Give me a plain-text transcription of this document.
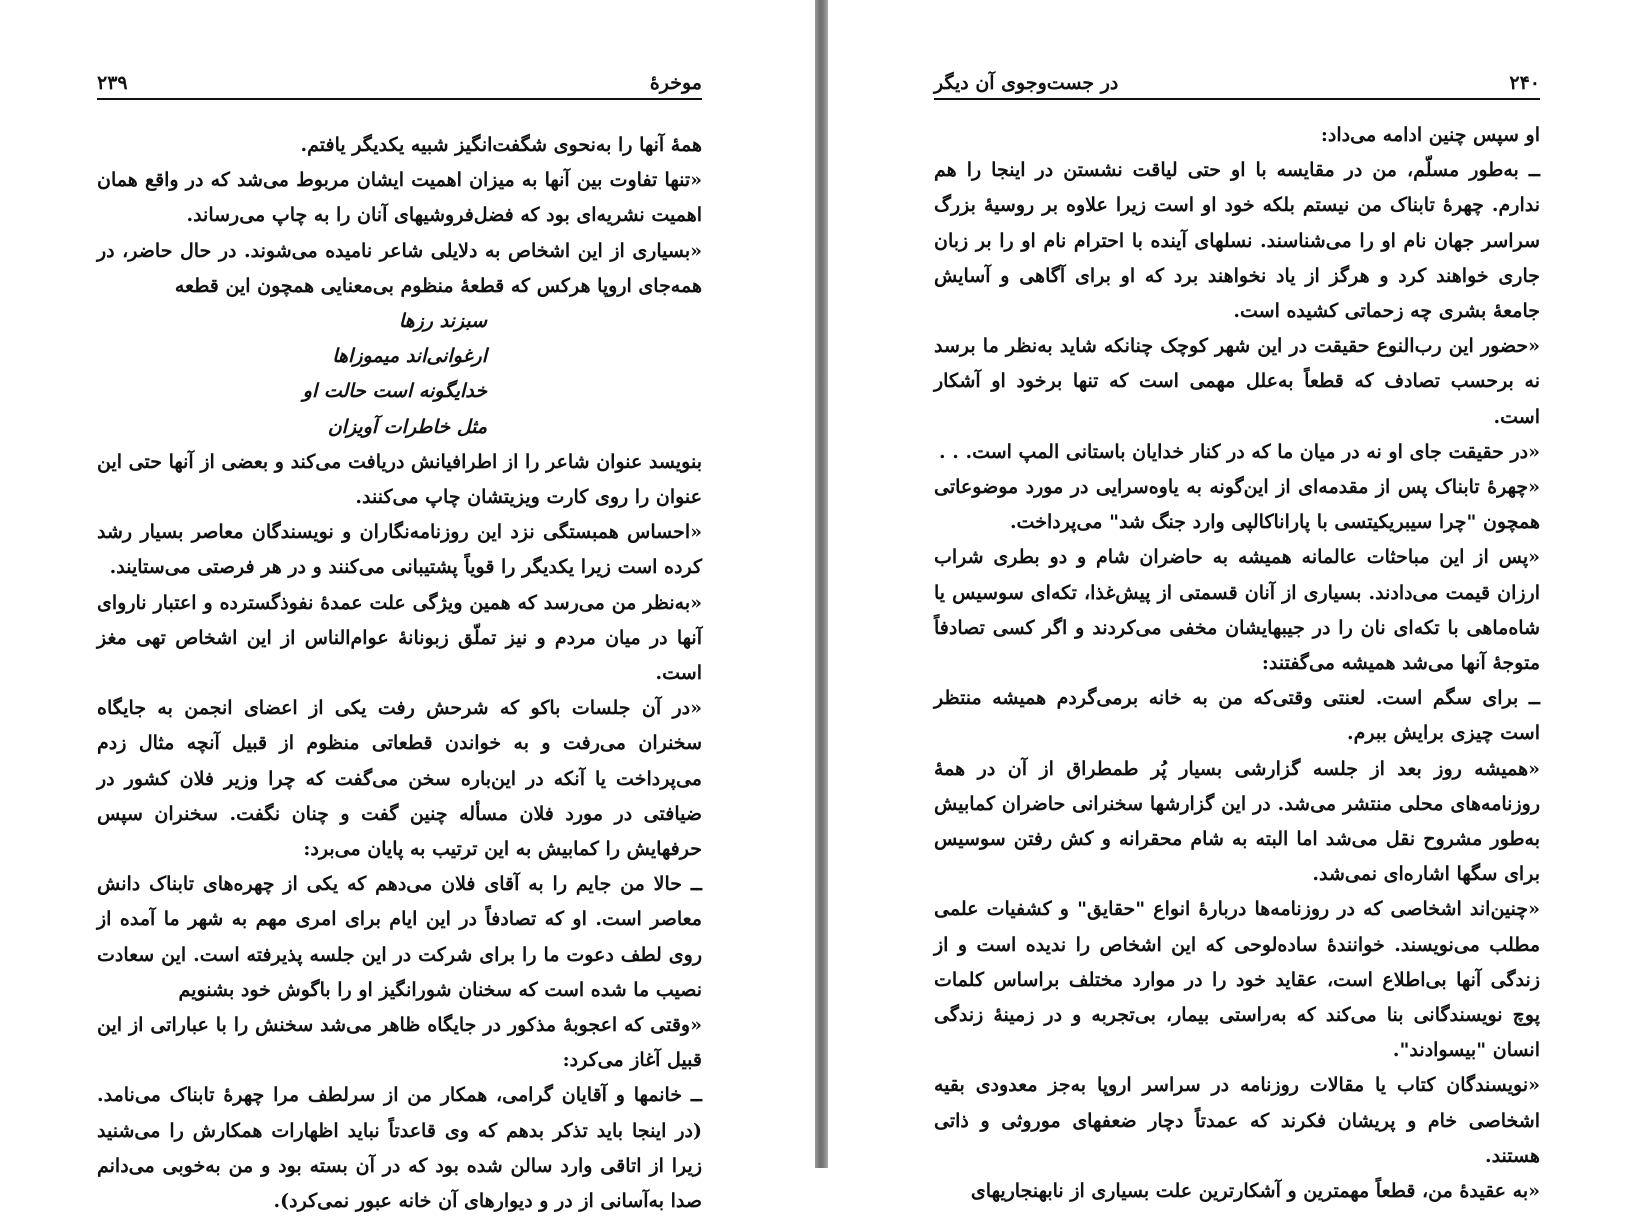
موخرهٔ
۲۳۹

همهٔ آنها را به‌نحوی شگفت‌انگیز شبیه یکدیگر یافتم.

«تنها تفاوت بین آنها به میزان اهمیت ایشان مربوط می‌شد که در واقع همان اهمیت نشریه‌ای بود که فضل‌فروشیهای آنان را به چاپ می‌رساند.

«بسیاری از این اشخاص به دلایلی شاعر نامیده می‌شوند. در حال حاضر، در همه‌جای اروپا هرکس که قطعهٔ منظوم بی‌معنایی همچون این قطعه

سبزند رزها

ارغوانی‌اند میموزاها

خدایگونه است حالت او

مثل خاطرات آویزان

بنویسد عنوان شاعر را از اطرافیانش دریافت می‌کند و بعضی از آنها حتی این عنوان را روی کارت ویزیتشان چاپ می‌کنند.

«احساس همبستگی نزد این روزنامه‌نگاران و نویسندگان معاصر بسیار رشد کرده است زیرا یکدیگر را قویاً پشتیبانی می‌کنند و در هر فرصتی می‌ستایند.

«به‌نظر من می‌رسد که همین ویژگی علت عمدهٔ نفوذگسترده و اعتبار ناروای آنها در میان مردم و نیز تملّق زبونانهٔ عوام‌الناس از این اشخاص تهی مغز است.

«در آن جلسات باکو که شرحش رفت یکی از اعضای انجمن به جایگاه سخنران می‌رفت و به خواندن قطعاتی منظوم از قبیل آنچه مثال زدم می‌پرداخت یا آنکه در این‌باره سخن می‌گفت که چرا وزیر فلان کشور در ضیافتی در مورد فلان مسأله چنین گفت و چنان نگفت. سخنران سپس حرفهایش را کمابیش به این ترتیب به پایان می‌برد:

ــ حالا من جایم را به آقای فلان می‌دهم که یکی از چهره‌های تابناک دانش معاصر است. او که تصادفاً در این ایام برای امری مهم به شهر ما آمده از روی لطف دعوت ما را برای شرکت در این جلسه پذیرفته است. این سعادت نصیب ما شده است که سخنان شورانگیز او را باگوش خود بشنویم

«وقتی که اعجوبهٔ مذکور در جایگاه ظاهر می‌شد سخنش را با عباراتی از این قبیل آغاز می‌کرد:

ــ خانمها و آقایان گرامی، همکار من از سرلطف مرا چهرهٔ تابناک می‌نامد. (در اینجا باید تذکر بدهم که وی قاعدتاً نباید اظهارات همکارش را می‌شنید زیرا از اتاقی وارد سالن شده بود که در آن بسته بود و من به‌خوبی می‌دانم صدا به‌آسانی از در و دیوارهای آن خانه عبور نمی‌کرد).

۲۴۰
در جست‌وجوی آن دیگر

او سپس چنین ادامه می‌داد:

ــ به‌طور مسلّم، من در مقایسه با او حتی لیاقت نشستن در اینجا را هم ندارم. چهرهٔ تابناک من نیستم بلکه خود او است زیرا علاوه بر روسیهٔ بزرگ سراسر جهان نام او را می‌شناسند. نسلهای آینده با احترام نام او را بر زبان جاری خواهند کرد و هرگز از یاد نخواهند برد که او برای آگاهی و آسایش جامعهٔ بشری چه زحماتی کشیده است.

«حضور این رب‌النوع حقیقت در این شهر کوچک چنانکه شاید به‌نظر ما برسد نه برحسب تصادف که قطعاً به‌علل مهمی است که تنها برخود او آشکار است.

«در حقیقت جای او نه در میان ما که در کنار خدایان باستانی المپ است. . .

«چهرهٔ تابناک پس از مقدمه‌ای از این‌گونه به یاوه‌سرایی در مورد موضوعاتی همچون "چرا سیبریکیتسی با پاراناکالپی وارد جنگ شد" می‌پرداخت.

«پس از این مباحثات عالمانه همیشه به حاضران شام و دو بطری شراب ارزان قیمت می‌دادند. بسیاری از آنان قسمتی از پیش‌غذا، تکه‌ای سوسیس یا شاه‌ماهی با تکه‌ای نان را در جیبهایشان مخفی می‌کردند و اگر کسی تصادفاً متوجهٔ آنها می‌شد همیشه می‌گفتند:

ــ برای سگم است. لعنتی وقتی‌که من به خانه برمی‌گردم همیشه منتظر است چیزی برایش ببرم.

«همیشه روز بعد از جلسه گزارشی بسیار پُر طمطراق از آن در همهٔ روزنامه‌های محلی منتشر می‌شد. در این گزارشها سخنرانی حاضران کمابیش به‌طور مشروح نقل می‌شد اما البته به شام محقرانه و کش رفتن سوسیس برای سگها اشاره‌ای نمی‌شد.

«چنین‌اند اشخاصی که در روزنامه‌ها دربارهٔ انواع "حقایق" و کشفیات علمی مطلب می‌نویسند. خوانندهٔ ساده‌لوحی که این اشخاص را ندیده است و از زندگی آنها بی‌اطلاع است، عقاید خود را در موارد مختلف براساس کلمات پوچ نویسندگانی بنا می‌کند که به‌راستی بیمار، بی‌تجربه و در زمینهٔ زندگی انسان "بیسوادند".

«نویسندگان کتاب یا مقالات روزنامه در سراسر اروپا به‌جز معدودی بقیه اشخاصی خام و پریشان فکرند که عمدتاً دچار ضعفهای موروثی و ذاتی هستند.

«به عقیدهٔ من، قطعاً مهمترین و آشکارترین علت بسیاری از نابهنجاریهای
